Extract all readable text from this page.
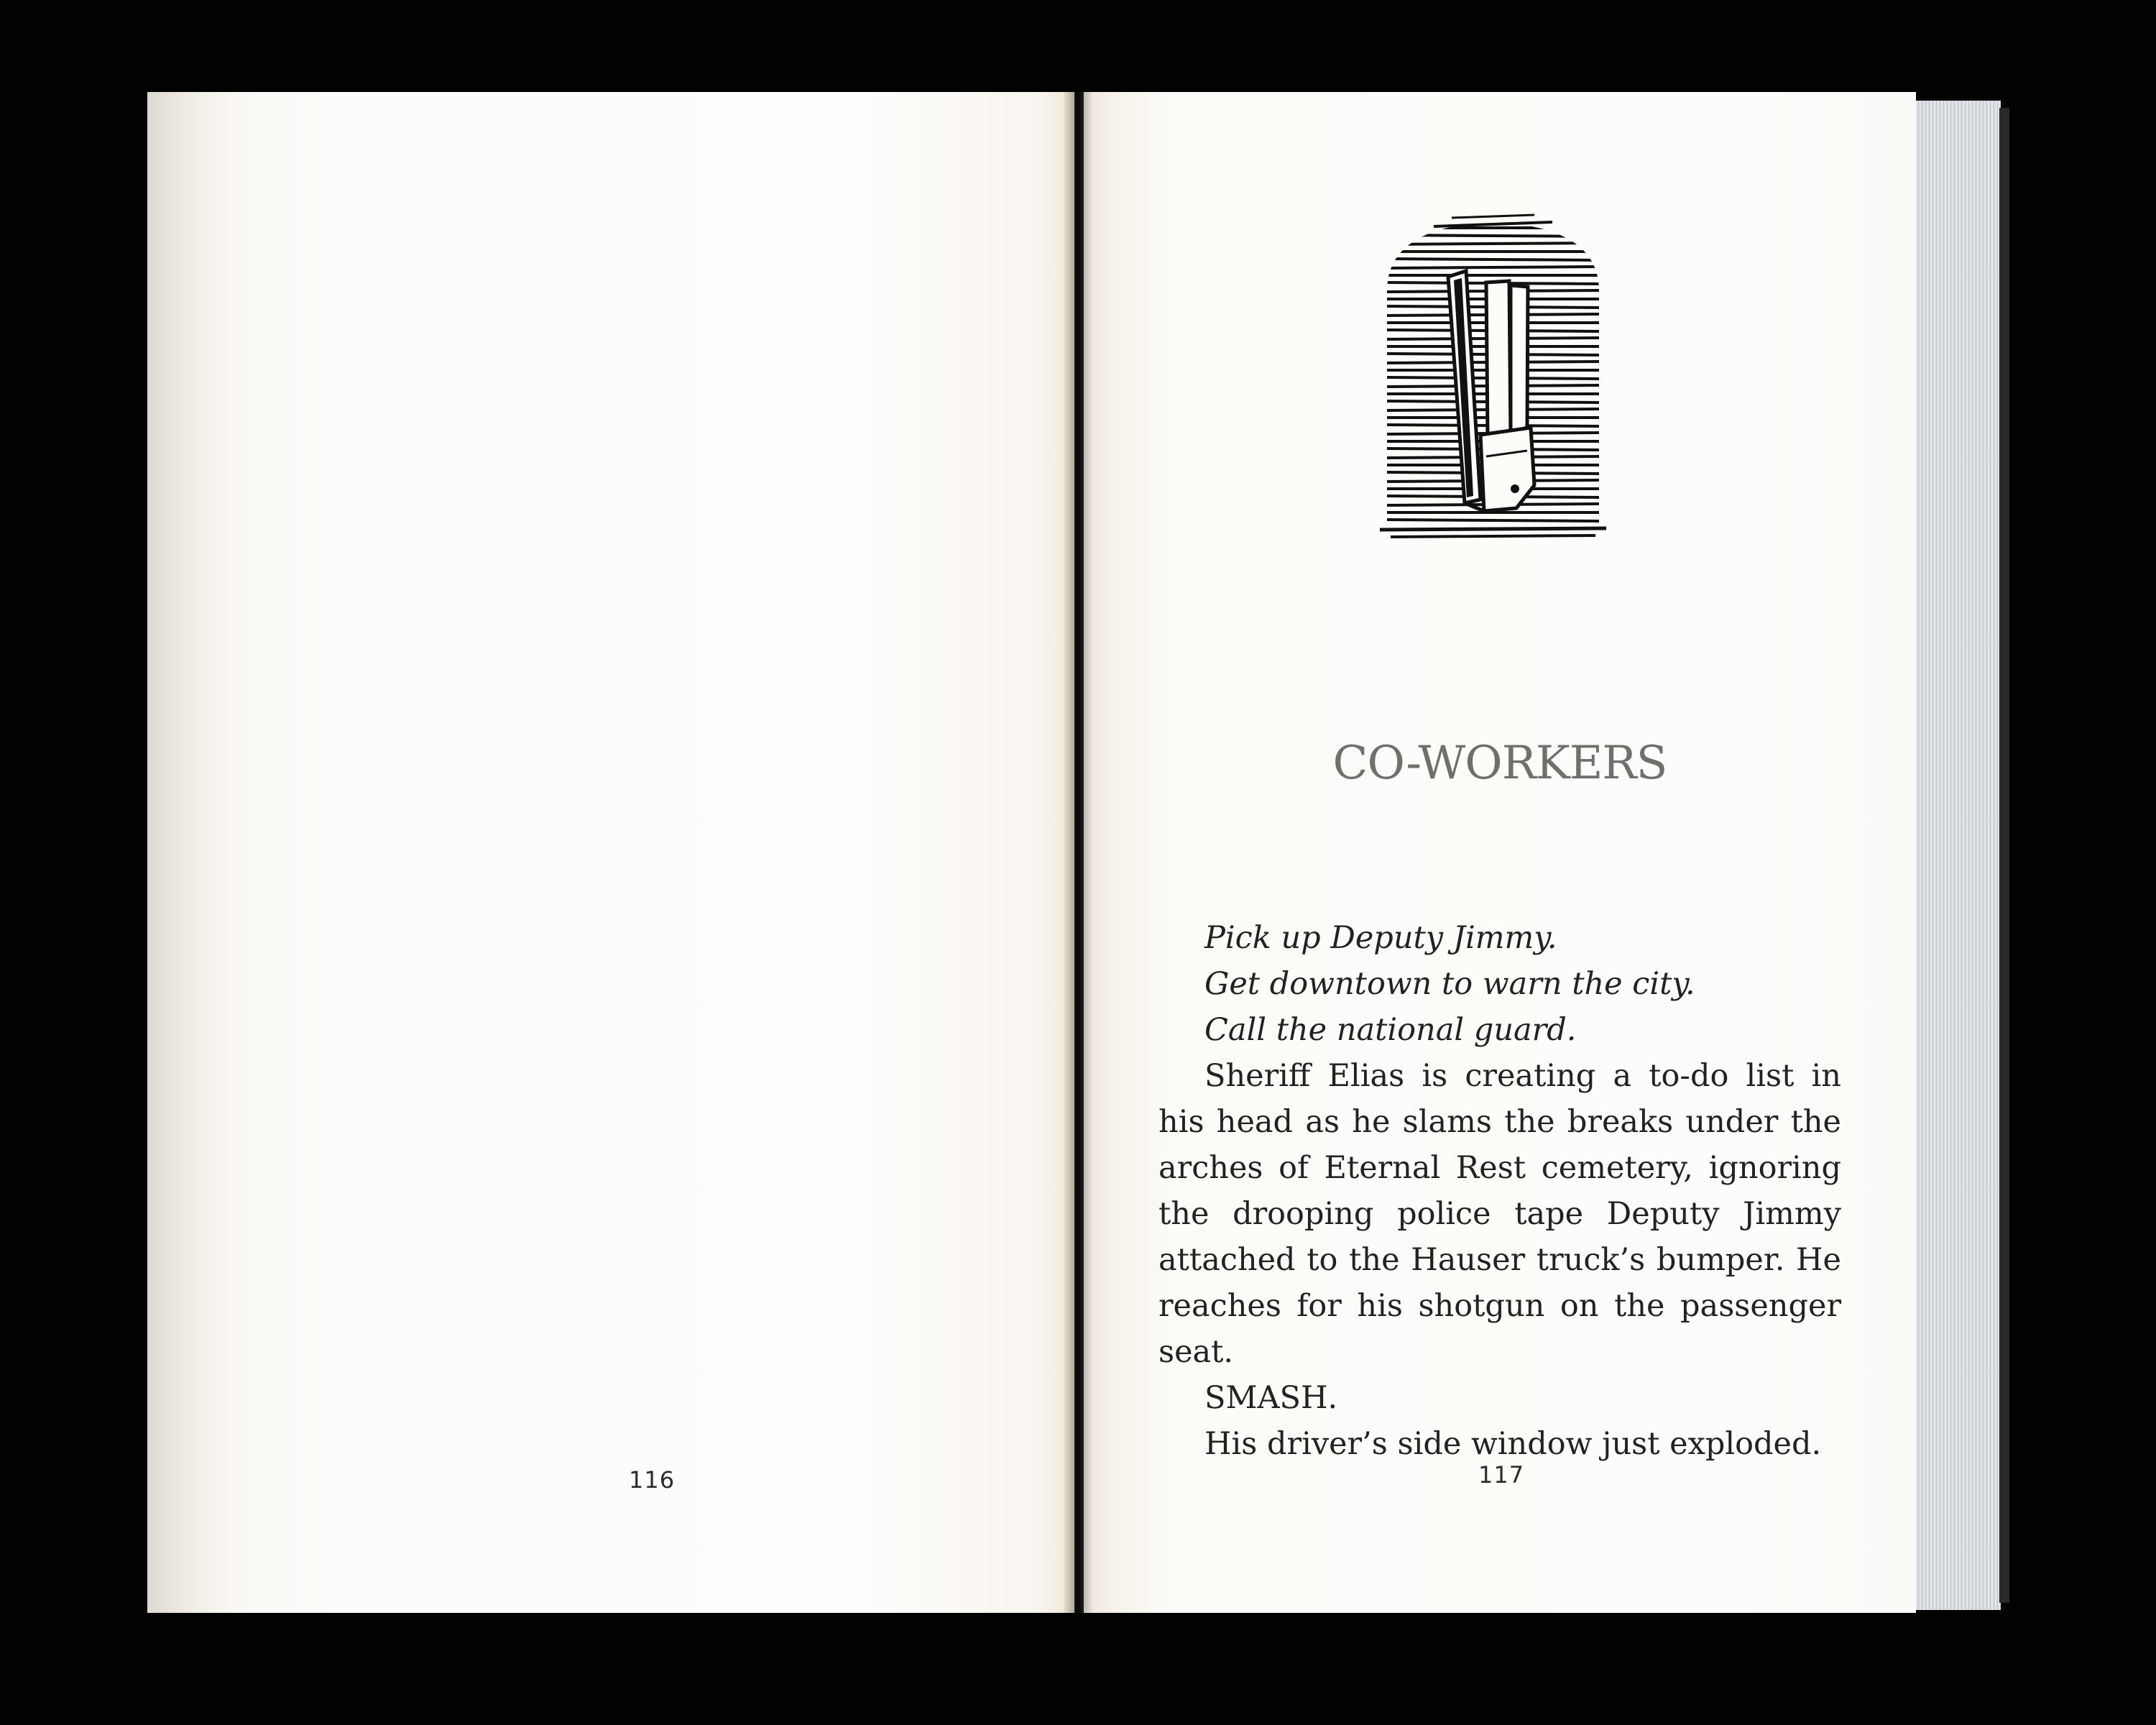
116

CO-WORKERS

Pick up Deputy Jimmy.

Get downtown to warn the city.

Call the national guard.

Sheriff Elias is creating a to-do list in his head as he slams the breaks under the arches of Eternal Rest cemetery, ignoring the drooping police tape Deputy Jimmy attached to the Hauser truck’s bumper. He reaches for his shotgun on the passenger seat.

SMASH.

His driver’s side window just exploded.

117
